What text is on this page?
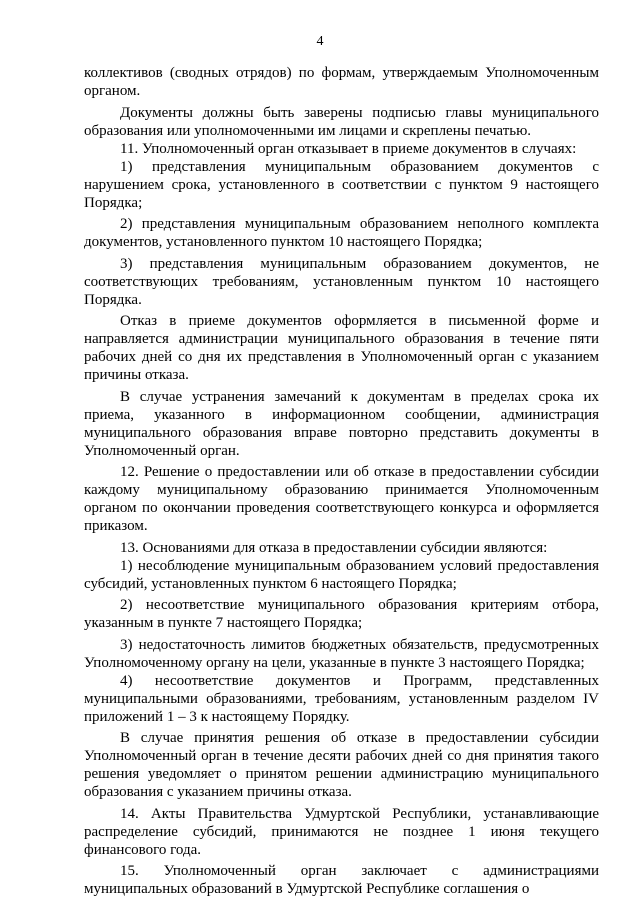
4

коллективов (сводных отрядов) по формам, утверждаемым Уполномоченным органом.

Документы должны быть заверены подписью главы муниципального образования или уполномоченными им лицами и скреплены печатью.

11. Уполномоченный орган отказывает в приеме документов в случаях:

1) представления муниципальным образованием документов с нарушением срока, установленного в соответствии с пунктом 9 настоящего Порядка;

2) представления муниципальным образованием неполного комплекта документов, установленного пунктом 10 настоящего Порядка;

3) представления муниципальным образованием документов, не соответствующих требованиям, установленным пунктом 10 настоящего Порядка.

Отказ в приеме документов оформляется в письменной форме и направляется администрации муниципального образования в течение пяти рабочих дней со дня их представления в Уполномоченный орган с указанием причины отказа.

В случае устранения замечаний к документам в пределах срока их приема, указанного в информационном сообщении, администрация муниципального образования вправе повторно представить документы в Уполномоченный орган.

12. Решение о предоставлении или об отказе в предоставлении субсидии каждому муниципальному образованию принимается Уполномоченным органом по окончании проведения соответствующего конкурса и оформляется приказом.

13. Основаниями для отказа в предоставлении субсидии являются:

1) несоблюдение муниципальным образованием условий предоставления субсидий, установленных пунктом 6 настоящего Порядка;

2) несоответствие муниципального образования критериям отбора, указанным в пункте 7 настоящего Порядка;

3) недостаточность лимитов бюджетных обязательств, предусмотренных Уполномоченному органу на цели, указанные в пункте 3 настоящего Порядка;

4) несоответствие документов и Программ, представленных муниципальными образованиями, требованиям, установленным разделом IV приложений 1 – 3 к настоящему Порядку.

В случае принятия решения об отказе в предоставлении субсидии Уполномоченный орган в течение десяти рабочих дней со дня принятия такого решения уведомляет о принятом решении администрацию муниципального образования с указанием причины отказа.

14. Акты Правительства Удмуртской Республики, устанавливающие распределение субсидий, принимаются не позднее 1 июня текущего финансового года.

15. Уполномоченный орган заключает с администрациями муниципальных образований в Удмуртской Республике соглашения о
